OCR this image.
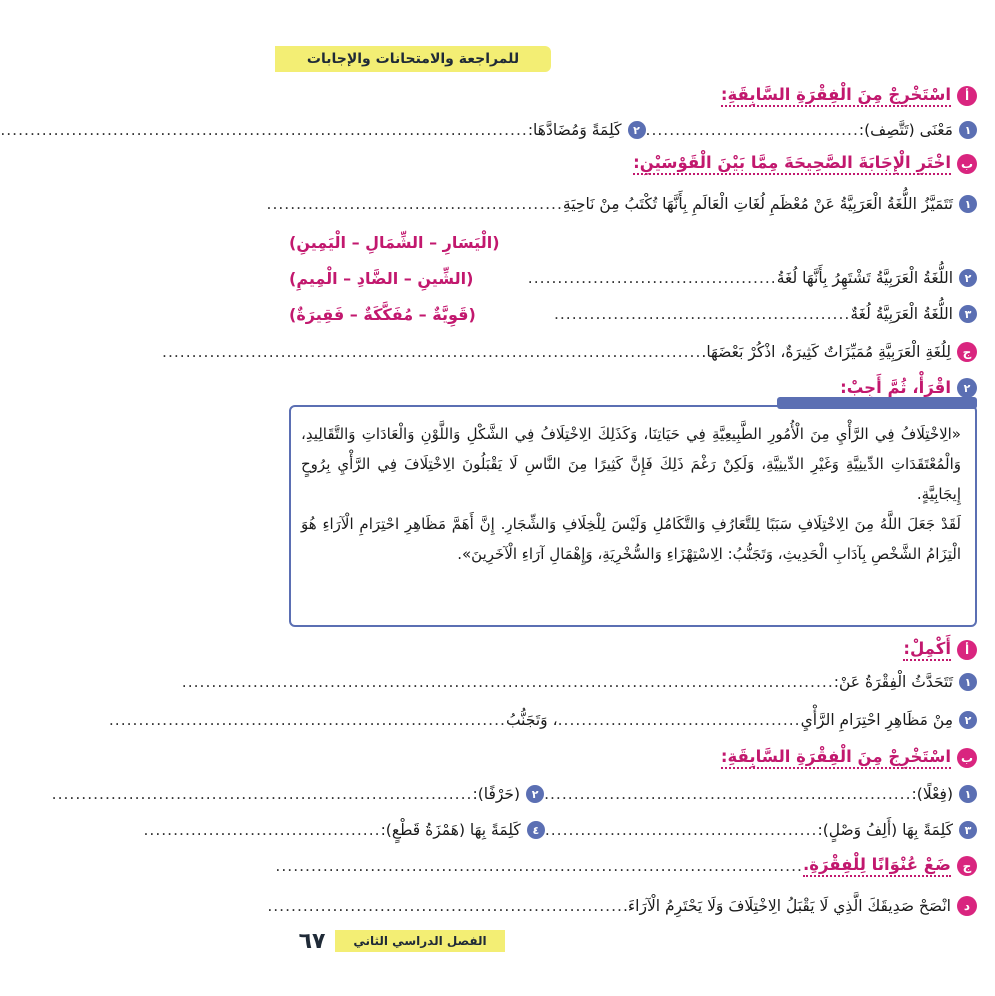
للمراجعة والامتحانات والإجابات
أ
اسْتَخْرِجْ مِنَ الْفِقْرَةِ السَّابِقَةِ:
١
مَعْنَى (تَتَّصِف):
....................................
٢
كَلِمَةً وَمُضَادَّهَا:
.........................................................................................
ب
اخْتَرِ الْإِجَابَةَ الصَّحِيحَةَ مِمَّا بَيْنَ الْقَوْسَيْنِ:
١
تَتَمَيَّزُ اللُّغَةُ الْعَرَبِيَّةُ عَنْ مُعْظَمِ لُغَاتِ الْعَالَمِ بِأَنَّهَا تُكْتَبُ مِنْ نَاحِيَةِ
..................................................
(الْيَسَارِ – الشِّمَالِ – الْيَمِينِ)
٢
اللُّغَةُ الْعَرَبِيَّةُ تَشْتَهِرُ بِأَنَّهَا لُغَةُ
..........................................
(الشِّينِ – الضَّادِ – الْمِيمِ)
٣
اللُّغَةُ الْعَرَبِيَّةُ لُغَةٌ
..................................................
(قَوِيَّةٌ – مُفَكَّكَةٌ – فَقِيرَةٌ)
ج
لِلُغَةِ الْعَرَبِيَّةِ مُمَيِّزَاتٌ كَثِيرَةٌ، اذْكُرْ بَعْضَهَا.
...........................................................................................
٢
اقْرَأْ، ثُمَّ أَجِبْ:

«الِاخْتِلَافُ فِي الرَّأْيِ مِنَ الْأُمُورِ الطَّبِيعِيَّةِ فِي حَيَاتِنَا، وَكَذَلِكَ الِاخْتِلَافُ فِي الشَّكْلِ وَاللَّوْنِ وَالْعَادَاتِ وَالتَّقَالِيدِ، وَالْمُعْتَقَدَاتِ الدِّينِيَّةِ وَغَيْرِ الدِّينِيَّةِ، وَلَكِنْ رَغْمَ ذَلِكَ فَإِنَّ كَثِيرًا مِنَ النَّاسِ لَا يَقْبَلُونَ الِاخْتِلَافَ فِي الرَّأْيِ بِرُوحٍ إِيجَابِيَّةٍ.

لَقَدْ جَعَلَ اللَّهُ مِنَ الِاخْتِلَافِ سَبَبًا لِلتَّعَارُفِ وَالتَّكَامُلِ وَلَيْسَ لِلْخِلَافِ وَالشِّجَارِ. إِنَّ أَهَمَّ مَظَاهِرِ احْتِرَامِ الْآرَاءِ هُوَ الْتِزَامُ الشَّخْصِ بِآدَابِ الْحَدِيثِ، وَتَجَنُّبُ: الِاسْتِهْزَاءِ وَالسُّخْرِيَةِ، وَإِهْمَالِ آرَاءِ الْآخَرِينَ».

أ
أَكْمِلْ:
١
تَتَحَدَّثُ الْفِقْرَةُ عَنْ:
..............................................................................................................
٢
مِنْ مَظَاهِرِ احْتِرَامِ الرَّأْيِ
.........................................
، وَتَجَنُّبُ
...................................................................
ب
اسْتَخْرِجْ مِنَ الْفِقْرَةِ السَّابِقَةِ:
١
(فِعْلًا):
..............................................................
٢
(حَرْفًا):
.......................................................................
٣
كَلِمَةً بِهَا (أَلِفُ وَصْلٍ):
..............................................
٤
كَلِمَةً بِهَا (هَمْزَةُ قَطْعٍ):
........................................
ج
ضَعْ عُنْوَانًا لِلْفِقْرَةِ.
.........................................................................................
د
انْصَحْ صَدِيقَكَ الَّذِي لَا يَقْبَلُ الِاخْتِلَافَ وَلَا يَحْتَرِمُ الْآرَاءَ.
............................................................
٦٧	الفصل الدراسي الثاني
